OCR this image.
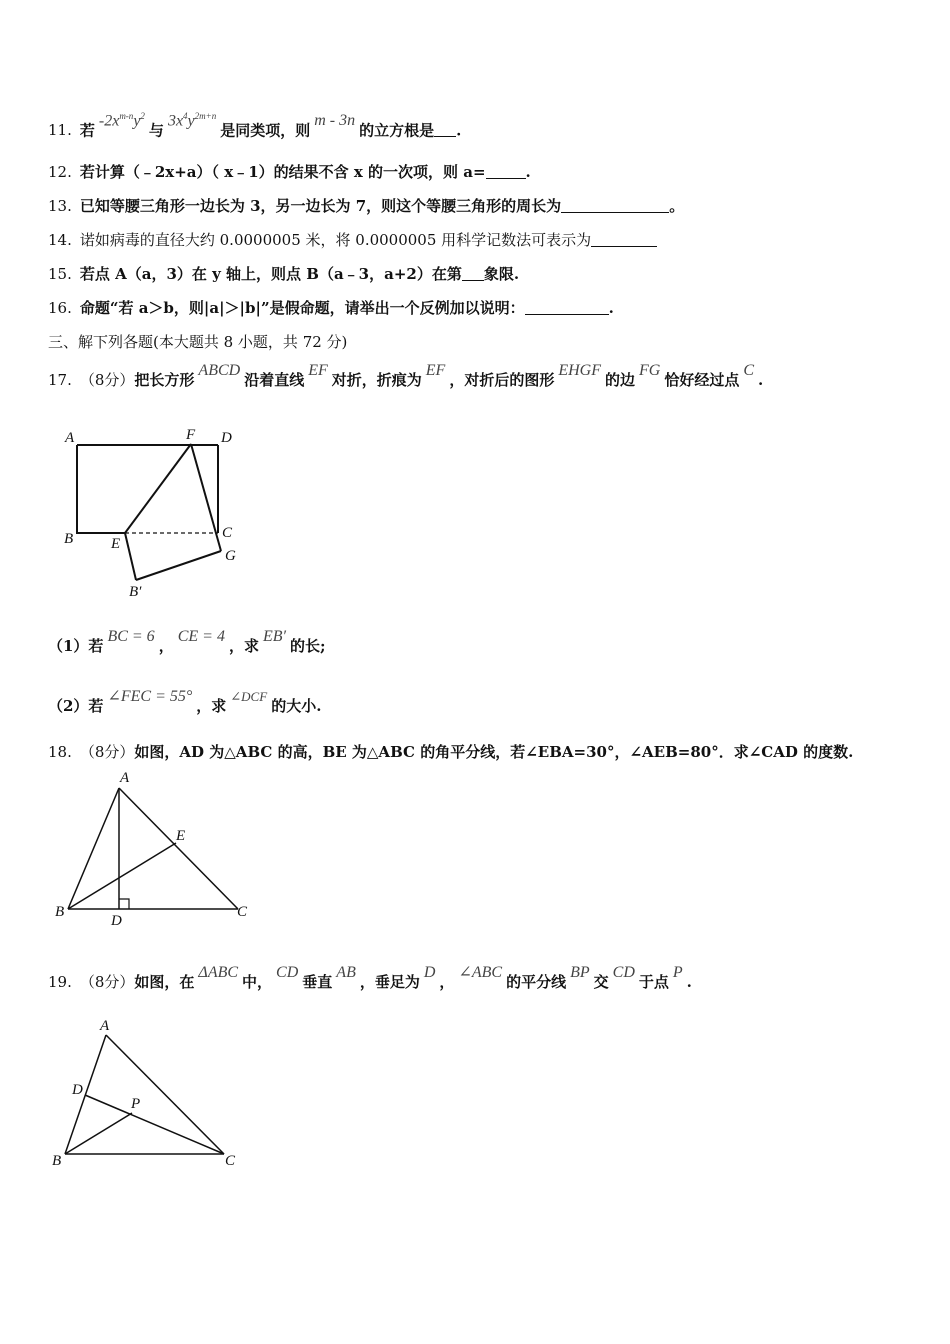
11. 若$-2x^{m-n}y^2$与$3x^4y^{2m+n}$是同类项，则m - 3n的立方根是 .
12. 若计算（﹣2x+a）（ x﹣1）的结果不含 x 的一次项，则 a=	.
13. 已知等腰三角形一边长为 3，另一边长为 7，则这个等腰三角形的周长为	。
14. 诺如病毒的直径大约 0.0000005 米，将 0.0000005 用科学记数法可表示为
15. 若点 A（a，3）在 y 轴上，则点 B（a﹣3，a+2）在第 象限.
16. 命题“若 a＞b，则|a|＞|b|”是假命题，请举出一个反例加以说明：	.
三、解下列各题(本大题共 8 小题，共 72 分)
17. （8分）把长方形ABCD沿着直线EF对折，折痕为EF，对折后的图形EHGF的边FG恰好经过点C.
A	F D
B	E
C
G
B′
（1）若BC = 6，CE = 4，求EB′的长;
（2）若∠FEC = 55°，求∠DCF的大小.
18. （8分）如图，AD 为△ABC 的高，BE 为△ABC 的角平分线，若∠EBA=30°，∠AEB=80°．求∠CAD 的度数.
A
E
B
D
C
19. （8分）如图，在ΔABC中，CD垂直AB，垂足为D，∠ABC的平分线BP交CD于点P.
A
D
P
B	C
